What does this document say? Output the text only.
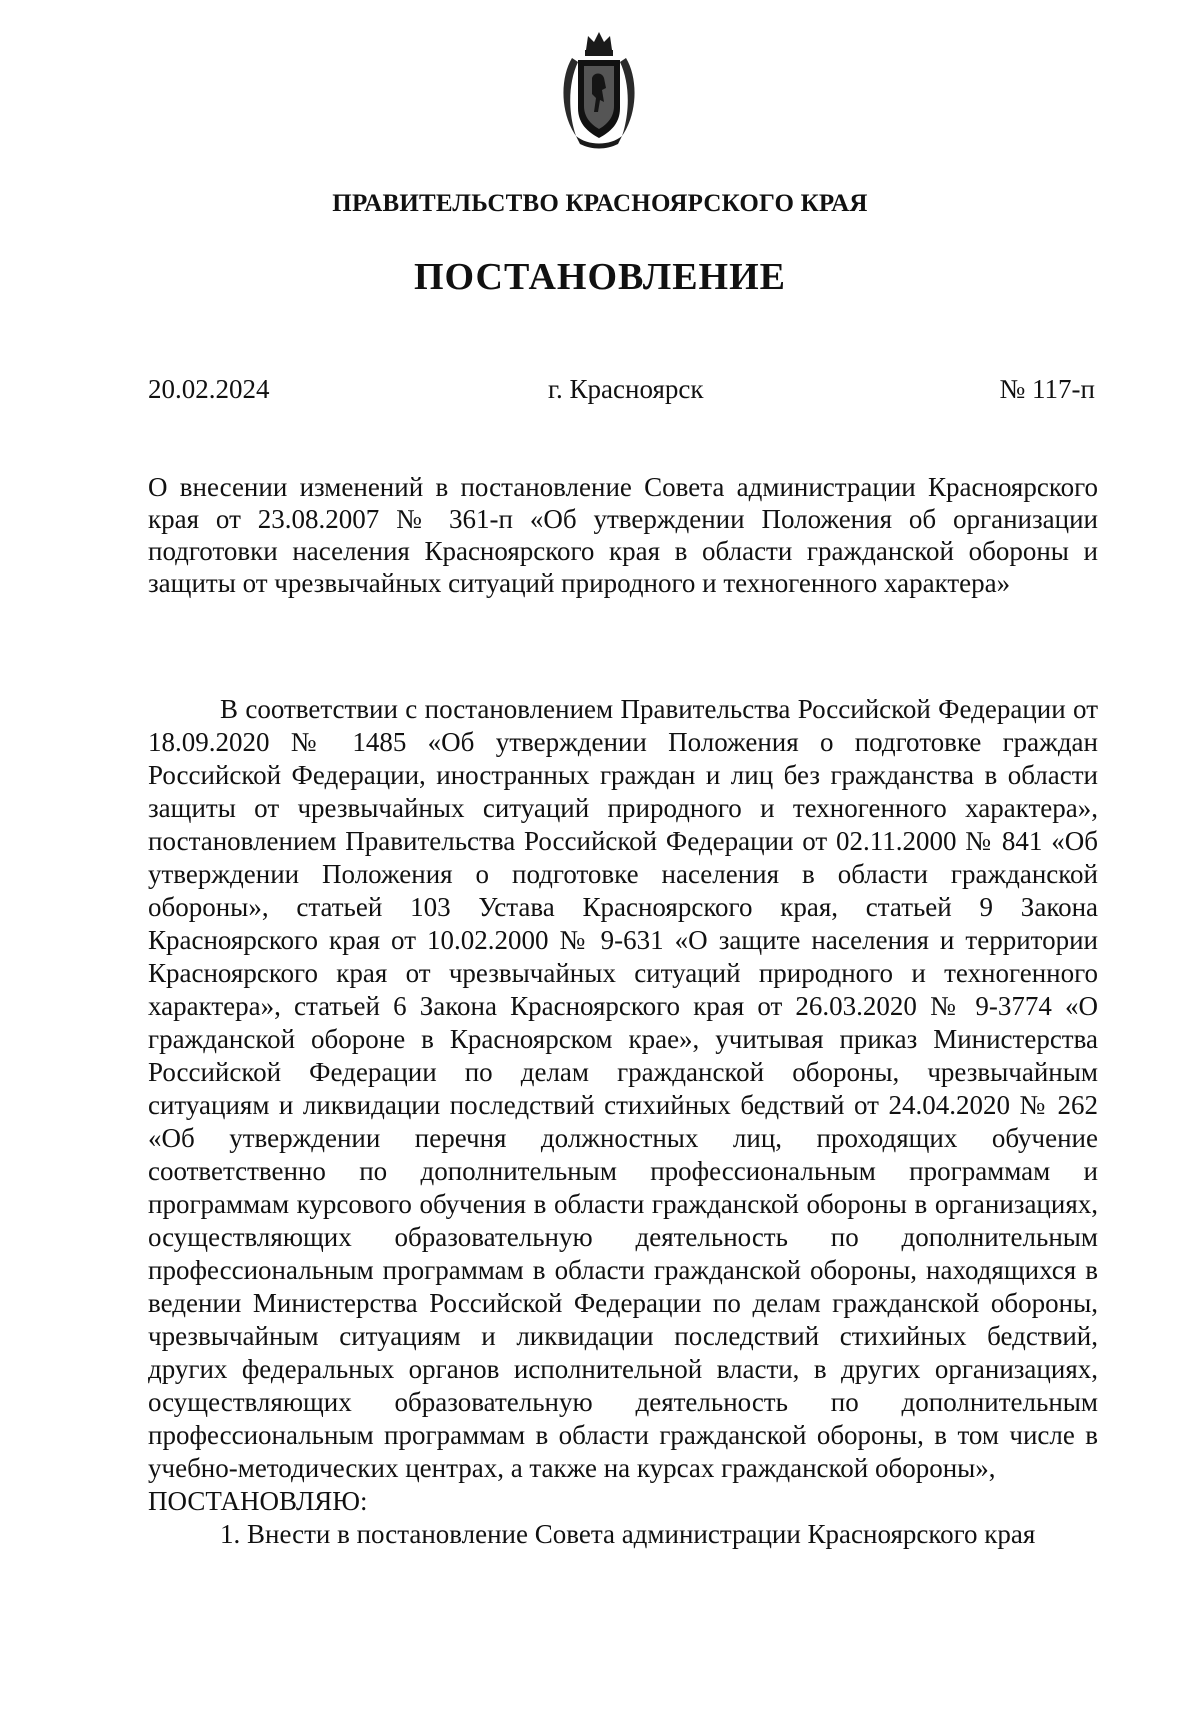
ПРАВИТЕЛЬСТВО КРАСНОЯРСКОГО КРАЯ
ПОСТАНОВЛЕНИЕ
20.02.2024	г. Красноярск	№ 117-п
О внесении изменений в постановление Совета администрации Красноярского края от 23.08.2007 № 361-п «Об утверждении Положения об организации подготовки населения Красноярского края в области гражданской обороны и защиты от чрезвычайных ситуаций природного и техногенного характера»

В соответствии с постановлением Правительства Российской Федерации от 18.09.2020 № 1485 «Об утверждении Положения о подготовке граждан Российской Федерации, иностранных граждан и лиц без гражданства в области защиты от чрезвычайных ситуаций природного и техногенного характера», постановлением Правительства Российской Федерации от 02.11.2000 № 841 «Об утверждении Положения о подготовке населения в области гражданской обороны», статьей 103 Устава Красноярского края, статьей 9 Закона Красноярского края от 10.02.2000 № 9-631 «О защите населения и территории Красноярского края от чрезвычайных ситуаций природного и техногенного характера», статьей 6 Закона Красноярского края от 26.03.2020 № 9-3774 «О гражданской обороне в Красноярском крае», учитывая приказ Министерства Российской Федерации по делам гражданской обороны, чрезвычайным ситуациям и ликвидации последствий стихийных бедствий от 24.04.2020 № 262 «Об утверждении перечня должностных лиц, проходящих обучение соответственно по дополнительным профессиональным программам и программам курсового обучения в области гражданской обороны в организациях, осуществляющих образовательную деятельность по дополнительным профессиональным программам в области гражданской обороны, находящихся в ведении Министерства Российской Федерации по делам гражданской обороны, чрезвычайным ситуациям и ликвидации последствий стихийных бедствий, других федеральных органов исполнительной власти, в других организациях, осуществляющих образовательную деятельность по дополнительным профессиональным программам в области гражданской обороны, в том числе в учебно-методических центрах, а также на курсах гражданской обороны»,

ПОСТАНОВЛЯЮ:

1. Внести в постановление Совета администрации Красноярского края
